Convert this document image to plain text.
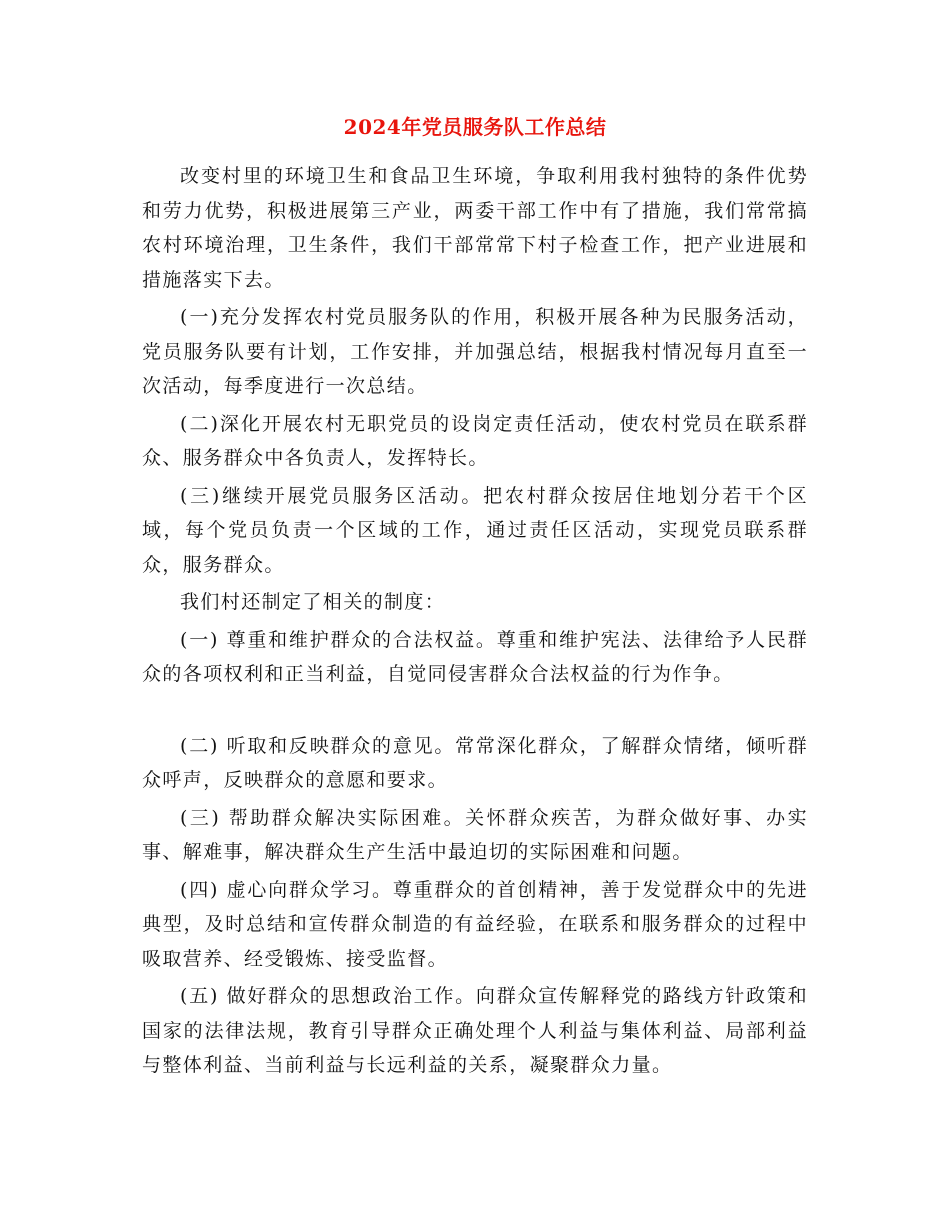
2024年党员服务队工作总结

改变村里的环境卫生和食品卫生环境，争取利用我村独特的条件优势和劳力优势，积极进展第三产业，两委干部工作中有了措施，我们常常搞农村环境治理，卫生条件，我们干部常常下村子检查工作，把产业进展和措施落实下去。

(一)充分发挥农村党员服务队的作用，积极开展各种为民服务活动，党员服务队要有计划，工作安排，并加强总结，根据我村情况每月直至一次活动，每季度进行一次总结。

(二)深化开展农村无职党员的设岗定责任活动，使农村党员在联系群众、服务群众中各负责人，发挥特长。

(三)继续开展党员服务区活动。把农村群众按居住地划分若干个区域，每个党员负责一个区域的工作，通过责任区活动，实现党员联系群众，服务群众。

我们村还制定了相关的制度：

(一) 尊重和维护群众的合法权益。尊重和维护宪法、法律给予人民群众的各项权利和正当利益，自觉同侵害群众合法权益的行为作争。

(二) 听取和反映群众的意见。常常深化群众，了解群众情绪，倾听群众呼声，反映群众的意愿和要求。

(三) 帮助群众解决实际困难。关怀群众疾苦，为群众做好事、办实事、解难事，解决群众生产生活中最迫切的实际困难和问题。

(四) 虚心向群众学习。尊重群众的首创精神，善于发觉群众中的先进典型，及时总结和宣传群众制造的有益经验，在联系和服务群众的过程中吸取营养、经受锻炼、接受监督。

(五) 做好群众的思想政治工作。向群众宣传解释党的路线方针政策和国家的法律法规，教育引导群众正确处理个人利益与集体利益、局部利益与整体利益、当前利益与长远利益的关系，凝聚群众力量。
